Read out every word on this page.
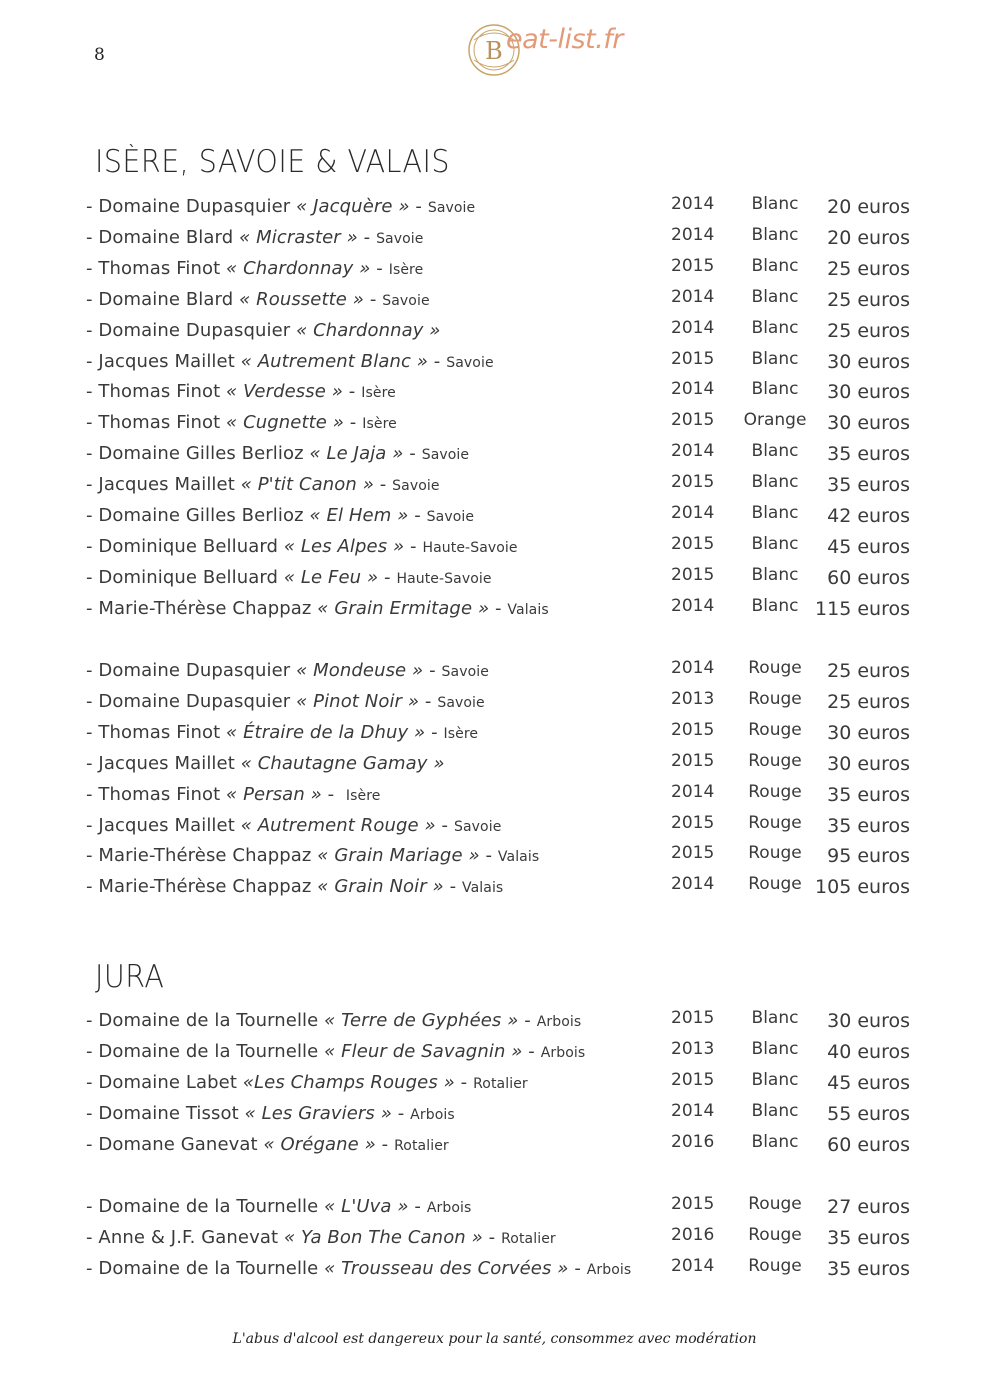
8	B eat-list.fr
ISÈRE, SAVOIE & VALAIS
- Domaine Dupasquier « Jacquère » - Savoie	2014	Blanc	20 euros
- Domaine Blard « Micraster » - Savoie	2014	Blanc	20 euros
- Thomas Finot « Chardonnay » - Isère	2015	Blanc	25 euros
- Domaine Blard « Roussette » - Savoie	2014	Blanc	25 euros
- Domaine Dupasquier « Chardonnay »	2014	Blanc	25 euros
- Jacques Maillet « Autrement Blanc » - Savoie	2015	Blanc	30 euros
- Thomas Finot « Verdesse » - Isère	2014	Blanc	30 euros
- Thomas Finot « Cugnette » - Isère	2015	Orange	30 euros
- Domaine Gilles Berlioz « Le Jaja » - Savoie	2014	Blanc	35 euros
- Jacques Maillet « P'tit Canon » - Savoie	2015	Blanc	35 euros
- Domaine Gilles Berlioz « El Hem » - Savoie	2014	Blanc	42 euros
- Dominique Belluard « Les Alpes » - Haute-Savoie	2015	Blanc	45 euros
- Dominique Belluard « Le Feu » - Haute-Savoie	2015	Blanc	60 euros
- Marie-Thérèse Chappaz « Grain Ermitage » - Valais	2014	Blanc 115 euros
- Domaine Dupasquier « Mondeuse » - Savoie	2014	Rouge	25 euros
- Domaine Dupasquier « Pinot Noir » - Savoie	2013	Rouge	25 euros
- Thomas Finot « Étraire de la Dhuy » - Isère	2015	Rouge	30 euros
- Jacques Maillet « Chautagne Gamay »	2015	Rouge	30 euros
- Thomas Finot « Persan » -  Isère	2014	Rouge	35 euros
- Jacques Maillet « Autrement Rouge » - Savoie	2015	Rouge	35 euros
- Marie-Thérèse Chappaz « Grain Mariage » - Valais	2015	Rouge	95 euros
- Marie-Thérèse Chappaz « Grain Noir » - Valais	2014	Rouge 105 euros
JURA
- Domaine de la Tournelle « Terre de Gyphées » - Arbois	2015	Blanc	30 euros
- Domaine de la Tournelle « Fleur de Savagnin » - Arbois	2013	Blanc	40 euros
- Domaine Labet «Les Champs Rouges » - Rotalier	2015	Blanc	45 euros
- Domaine Tissot « Les Graviers » - Arbois	2014	Blanc	55 euros
- Domane Ganevat « Orégane » - Rotalier	2016	Blanc	60 euros
- Domaine de la Tournelle « L'Uva » - Arbois	2015	Rouge	27 euros
- Anne & J.F. Ganevat « Ya Bon The Canon » - Rotalier	2016	Rouge	35 euros
- Domaine de la Tournelle « Trousseau des Corvées » - Arbois 2014	Rouge	35 euros
L'abus d'alcool est dangereux pour la santé, consommez avec modération
